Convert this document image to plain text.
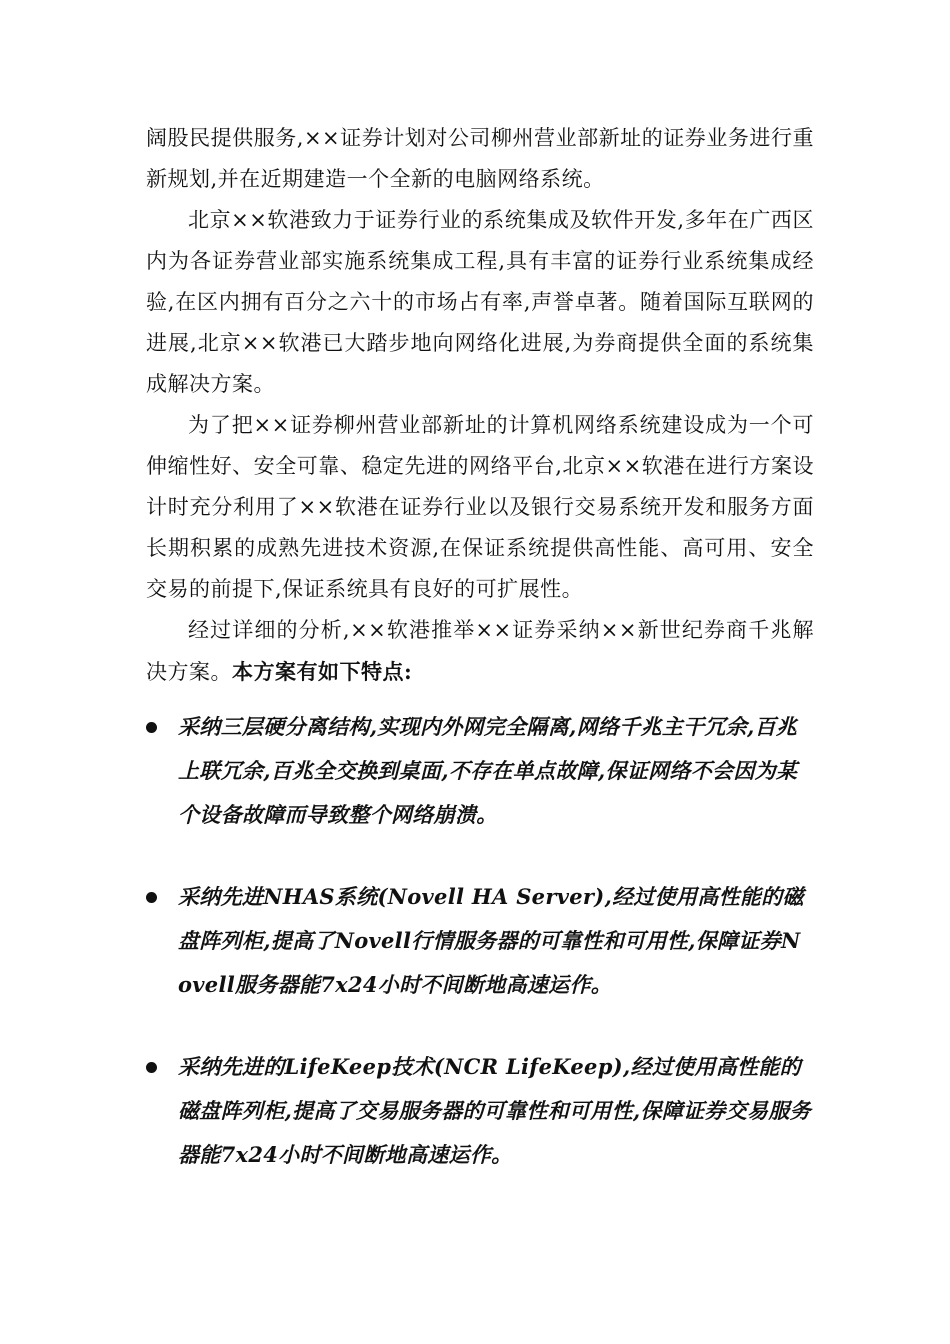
阔股民提供服务,××证券计划对公司柳州营业部新址的证券业务进行重新规划,并在近期建造一个全新的电脑网络系统。

北京××软港致力于证券行业的系统集成及软件开发,多年在广西区内为各证券营业部实施系统集成工程,具有丰富的证券行业系统集成经验,在区内拥有百分之六十的市场占有率,声誉卓著。随着国际互联网的进展,北京××软港已大踏步地向网络化进展,为券商提供全面的系统集成解决方案。

为了把××证券柳州营业部新址的计算机网络系统建设成为一个可伸缩性好、安全可靠、稳定先进的网络平台,北京××软港在进行方案设计时充分利用了××软港在证券行业以及银行交易系统开发和服务方面长期积累的成熟先进技术资源,在保证系统提供高性能、高可用、安全交易的前提下,保证系统具有良好的可扩展性。

经过详细的分析,××软港推举××证券采纳××新世纪券商千兆解决方案。本方案有如下特点:

采纳三层硬分离结构,实现内外网完全隔离,网络千兆主干冗余,百兆上联冗余,百兆全交换到桌面,不存在单点故障,保证网络不会因为某个设备故障而导致整个网络崩溃。
采纳先进NHAS系统(Novell HA Server),经过使用高性能的磁盘阵列柜,提高了Novell行情服务器的可靠性和可用性,保障证券Novell服务器能7x24小时不间断地高速运作。
采纳先进的LifeKeep技术(NCR LifeKeep),经过使用高性能的磁盘阵列柜,提高了交易服务器的可靠性和可用性,保障证券交易服务器能7x24小时不间断地高速运作。
